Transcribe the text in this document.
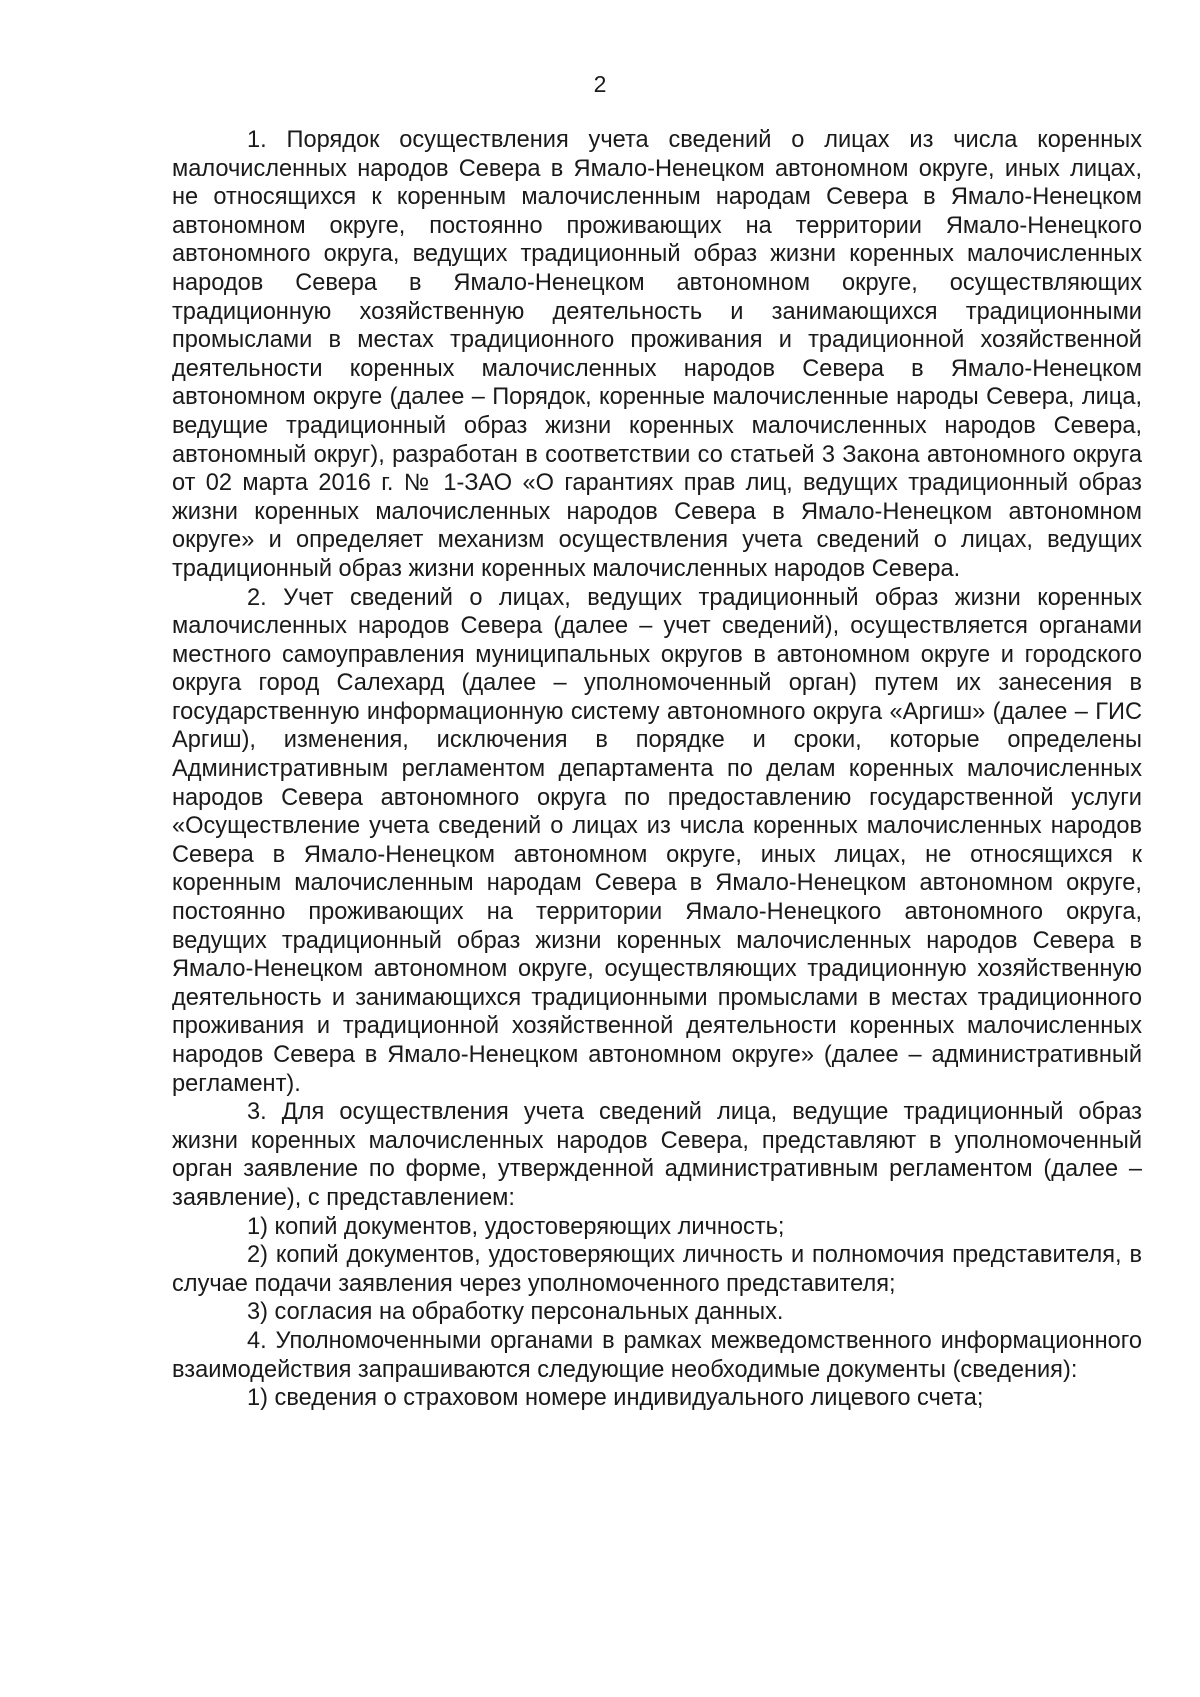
2

1. Порядок осуществления учета сведений о лицах из числа коренных малочисленных народов Севера в Ямало-Ненецком автономном округе, иных лицах, не относящихся к коренным малочисленным народам Севера в Ямало-Ненецком автономном округе, постоянно проживающих на территории Ямало-Ненецкого автономного округа, ведущих традиционный образ жизни коренных малочисленных народов Севера в Ямало-Ненецком автономном округе, осуществляющих традиционную хозяйственную деятельность и занимающихся традиционными промыслами в местах традиционного проживания и традиционной хозяйственной деятельности коренных малочисленных народов Севера в Ямало-Ненецком автономном округе (далее – Порядок, коренные малочисленные народы Севера, лица, ведущие традиционный образ жизни коренных малочисленных народов Севера, автономный округ), разработан в соответствии со статьей 3 Закона автономного округа от 02 марта 2016 г. № 1-ЗАО «О гарантиях прав лиц, ведущих традиционный образ жизни коренных малочисленных народов Севера в Ямало-Ненецком автономном округе» и определяет механизм осуществления учета сведений о лицах, ведущих традиционный образ жизни коренных малочисленных народов Севера.

2. Учет сведений о лицах, ведущих традиционный образ жизни коренных малочисленных народов Севера (далее – учет сведений), осуществляется органами местного самоуправления муниципальных округов в автономном округе и городского округа город Салехард (далее – уполномоченный орган) путем их занесения в государственную информационную систему автономного округа «Аргиш» (далее – ГИС Аргиш), изменения, исключения в порядке и сроки, которые определены Административным регламентом департамента по делам коренных малочисленных народов Севера автономного округа по предоставлению государственной услуги «Осуществление учета сведений о лицах из числа коренных малочисленных народов Севера в Ямало-Ненецком автономном округе, иных лицах, не относящихся к коренным малочисленным народам Севера в Ямало-Ненецком автономном округе, постоянно проживающих на территории Ямало-Ненецкого автономного округа, ведущих традиционный образ жизни коренных малочисленных народов Севера в Ямало-Ненецком автономном округе, осуществляющих традиционную хозяйственную деятельность и занимающихся традиционными промыслами в местах традиционного проживания и традиционной хозяйственной деятельности коренных малочисленных народов Севера в Ямало-Ненецком автономном округе» (далее – административный регламент).

3. Для осуществления учета сведений лица, ведущие традиционный образ жизни коренных малочисленных народов Севера, представляют в уполномоченный орган заявление по форме, утвержденной административным регламентом (далее – заявление), с представлением:

1) копий документов, удостоверяющих личность;

2) копий документов, удостоверяющих личность и полномочия представителя, в случае подачи заявления через уполномоченного представителя;

3) согласия на обработку персональных данных.

4. Уполномоченными органами в рамках межведомственного информационного взаимодействия запрашиваются следующие необходимые документы (сведения):

1) сведения о страховом номере индивидуального лицевого счета;
